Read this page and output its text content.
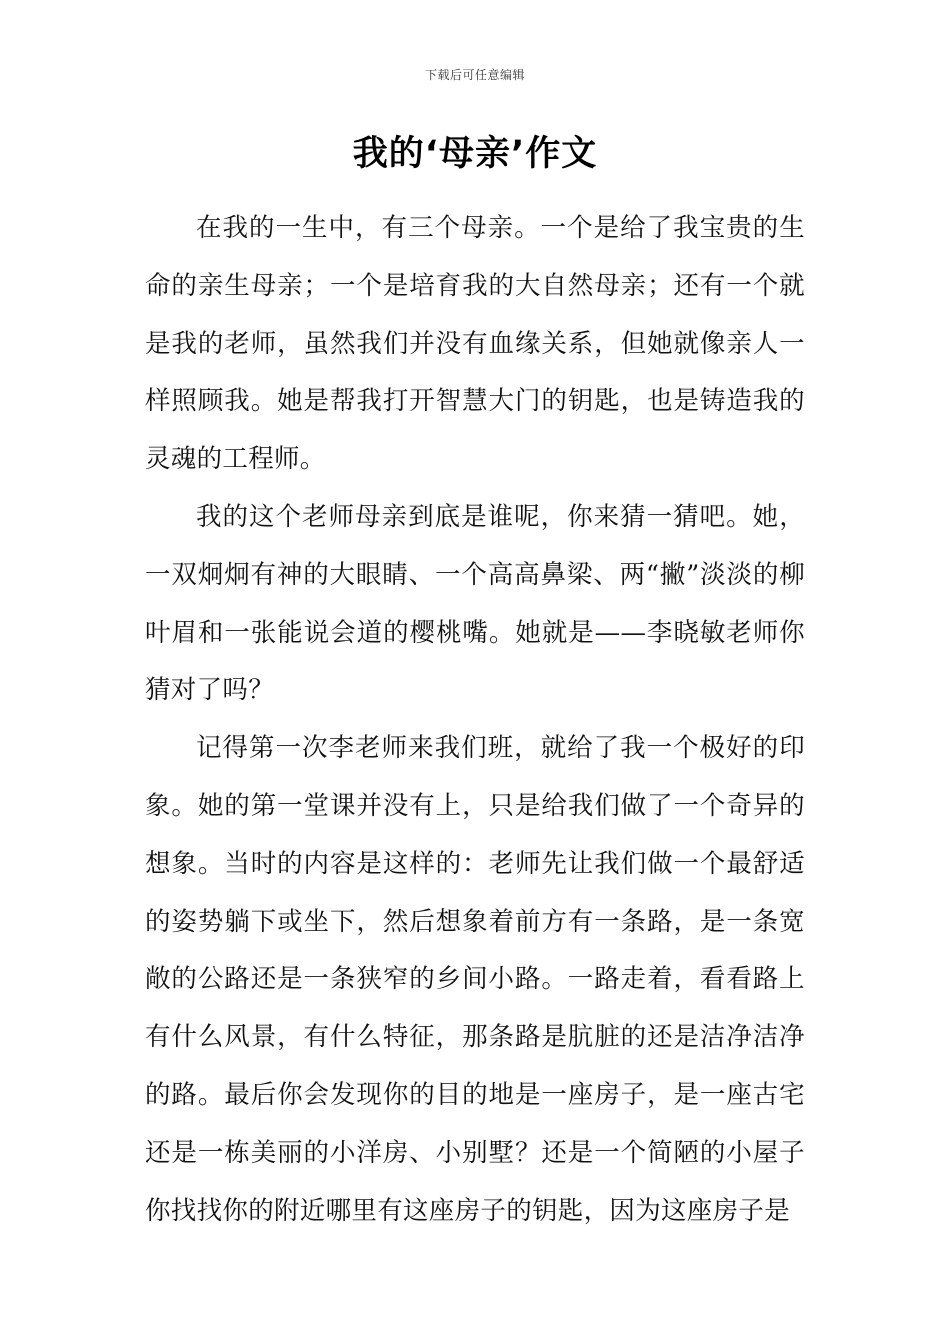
下载后可任意编辑
我的‘母亲’作文

在我的一生中，有三个母亲。一个是给了我宝贵的生命的亲生母亲；一个是培育我的大自然母亲；还有一个就是我的老师，虽然我们并没有血缘关系，但她就像亲人一样照顾我。她是帮我打开智慧大门的钥匙，也是铸造我的灵魂的工程师。

我的这个老师母亲到底是谁呢，你来猜一猜吧。她，一双炯炯有神的大眼睛、一个高高鼻梁、两“撇”淡淡的柳叶眉和一张能说会道的樱桃嘴。她就是——李晓敏老师你猜对了吗？

记得第一次李老师来我们班，就给了我一个极好的印象。她的第一堂课并没有上，只是给我们做了一个奇异的想象。当时的内容是这样的：老师先让我们做一个最舒适的姿势躺下或坐下，然后想象着前方有一条路，是一条宽敞的公路还是一条狭窄的乡间小路。一路走着，看看路上有什么风景，有什么特征，那条路是肮脏的还是洁净洁净的路。最后你会发现你的目的地是一座房子，是一座古宅还是一栋美丽的小洋房、小别墅？还是一个简陋的小屋子你找找你的附近哪里有这座房子的钥匙，因为这座房子是
